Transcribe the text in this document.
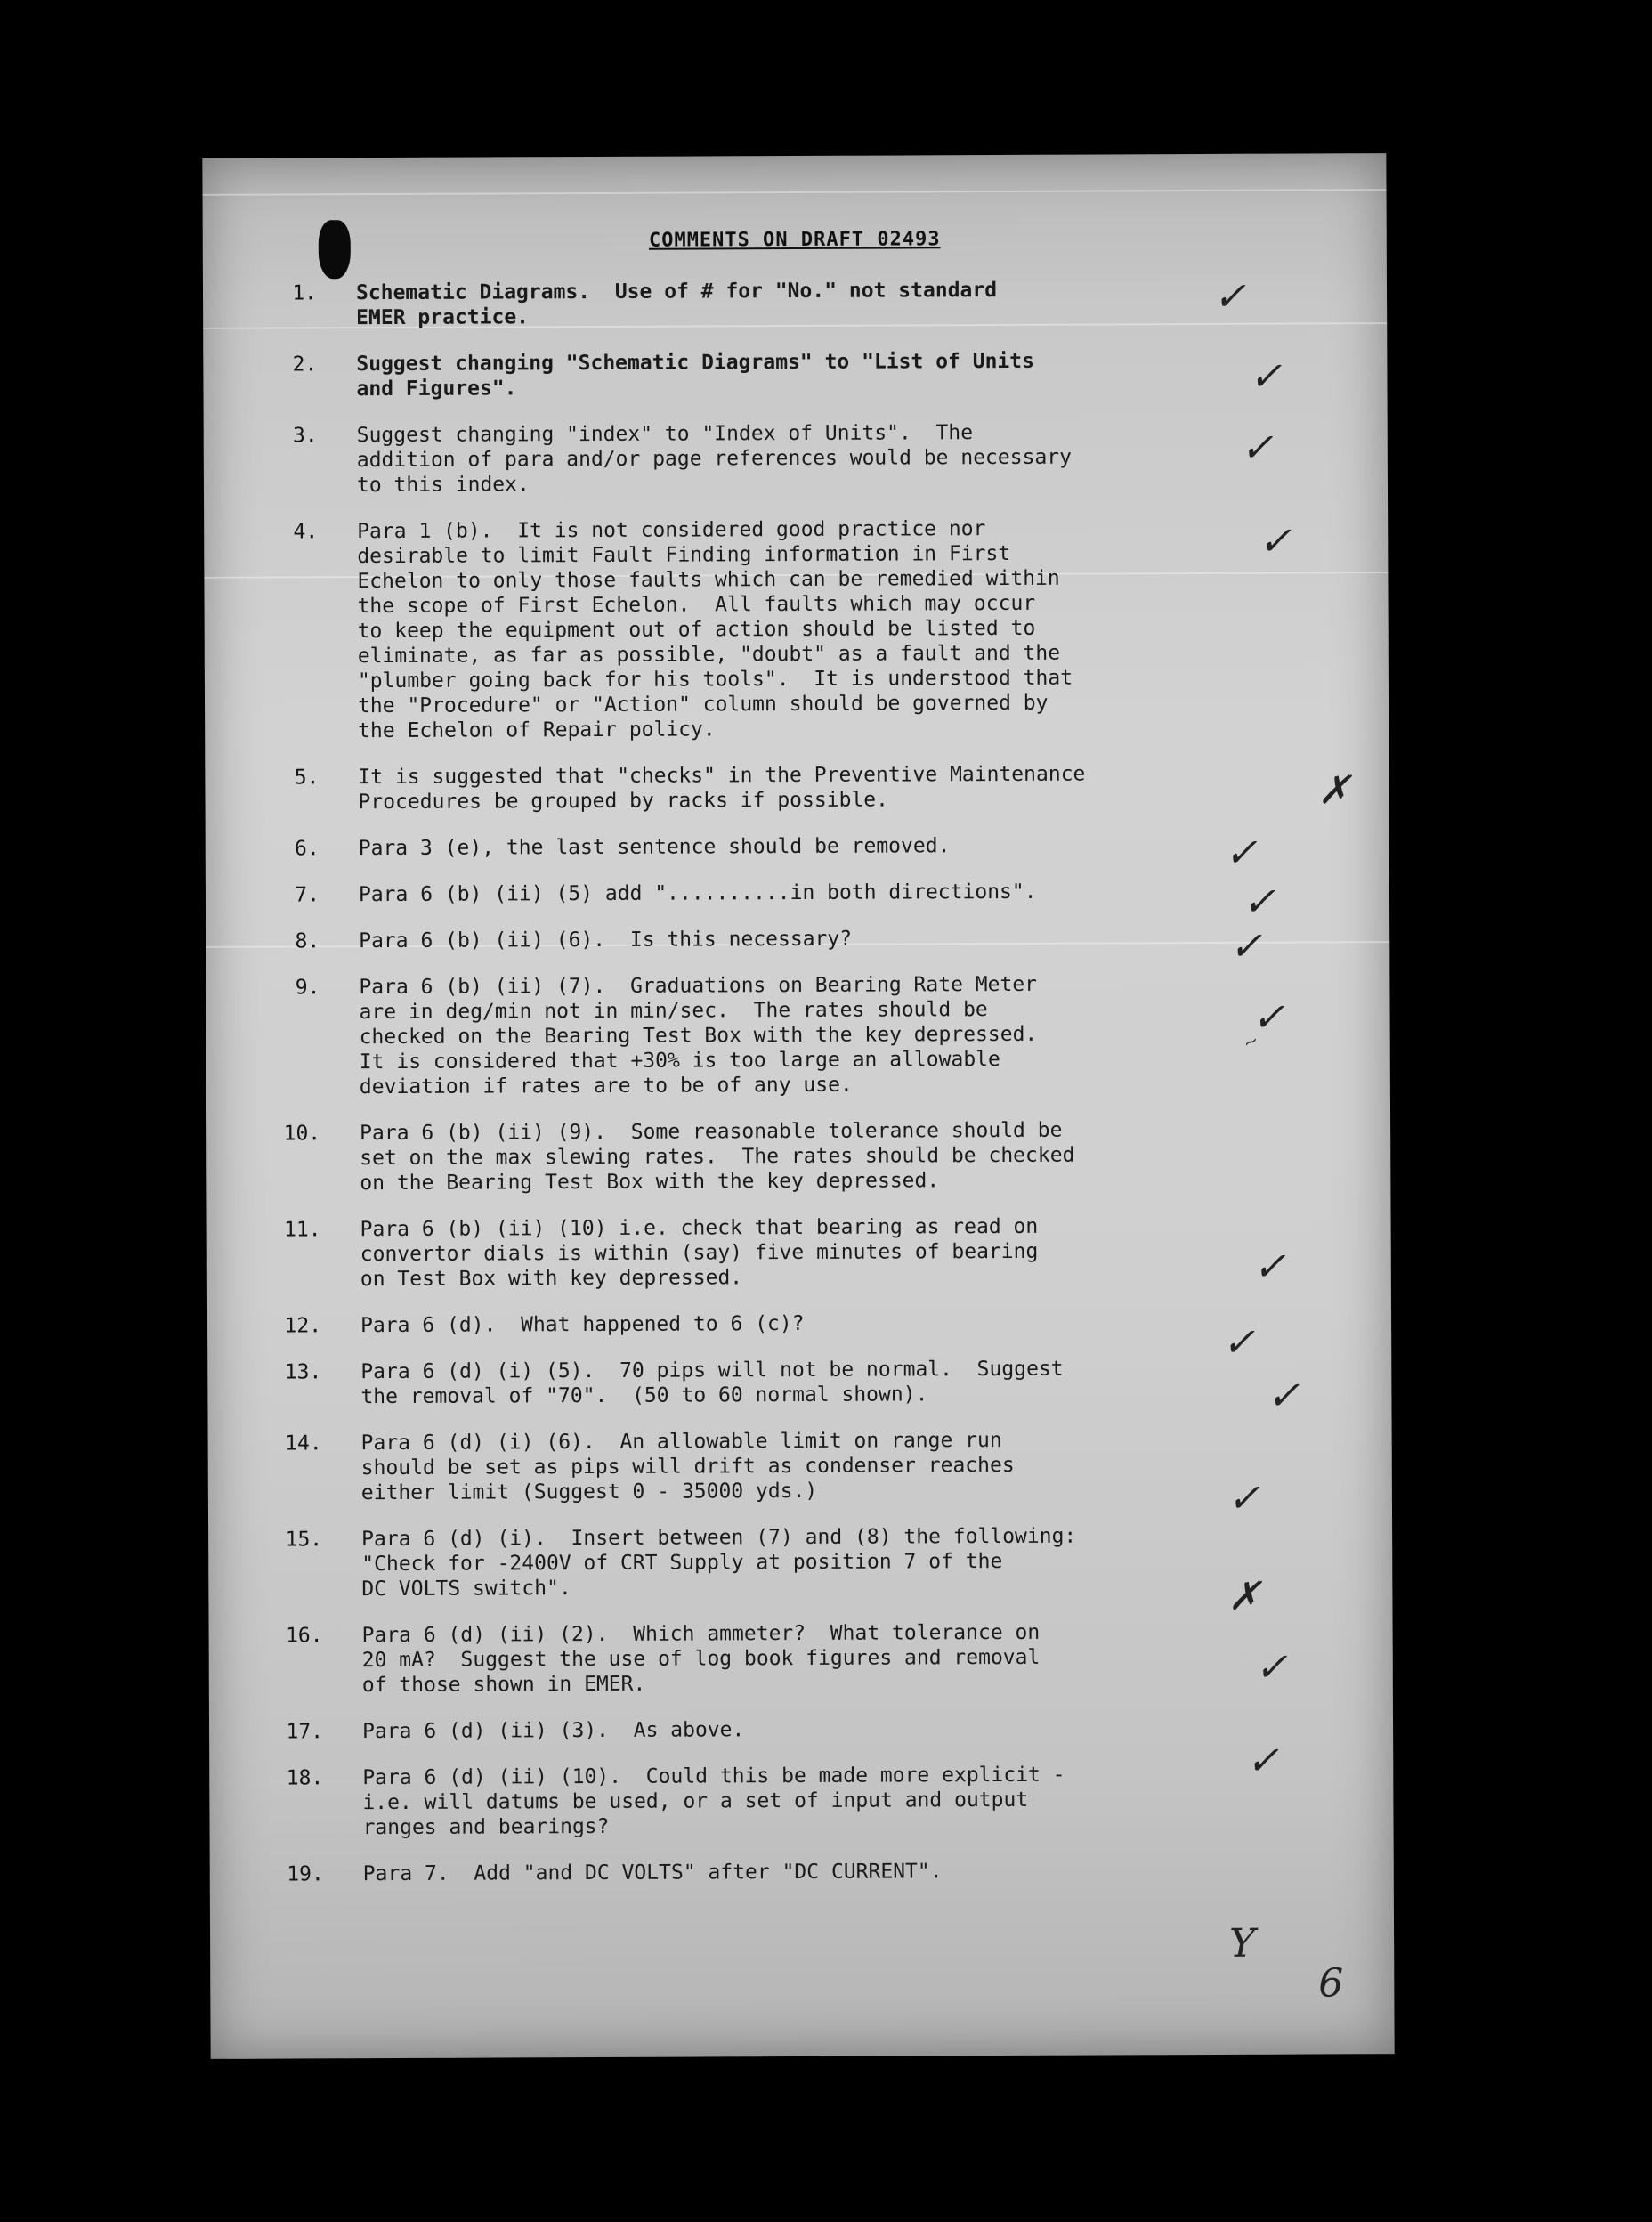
COMMENTS ON DRAFT 02493
1.	Schematic Diagrams.  Use of # for "No." not standard
EMER practice.
2.	Suggest changing "Schematic Diagrams" to "List of Units
and Figures".
3.	Suggest changing "index" to "Index of Units".  The
addition of para and/or page references would be necessary
to this index.
4.	Para 1 (b).  It is not considered good practice nor
desirable to limit Fault Finding information in First
Echelon to only those faults which can be remedied within
the scope of First Echelon.  All faults which may occur
to keep the equipment out of action should be listed to
eliminate, as far as possible, "doubt" as a fault and the
"plumber going back for his tools".  It is understood that
the "Procedure" or "Action" column should be governed by
the Echelon of Repair policy.
5.	It is suggested that "checks" in the Preventive Maintenance
Procedures be grouped by racks if possible.
6.	Para 3 (e), the last sentence should be removed.
7.	Para 6 (b) (ii) (5) add "..........in both directions".
8.	Para 6 (b) (ii) (6).  Is this necessary?
9.	Para 6 (b) (ii) (7).  Graduations on Bearing Rate Meter
are in deg/min not in min/sec.  The rates should be
checked on the Bearing Test Box with the key depressed.
It is considered that +30% is too large an allowable
deviation if rates are to be of any use.
10.	Para 6 (b) (ii) (9).  Some reasonable tolerance should be
set on the max slewing rates.  The rates should be checked
on the Bearing Test Box with the key depressed.
11.	Para 6 (b) (ii) (10) i.e. check that bearing as read on
convertor dials is within (say) five minutes of bearing
on Test Box with key depressed.
12.	Para 6 (d).  What happened to 6 (c)?
13.	Para 6 (d) (i) (5).  70 pips will not be normal.  Suggest
the removal of "70".  (50 to 60 normal shown).
14.	Para 6 (d) (i) (6).  An allowable limit on range run
should be set as pips will drift as condenser reaches
either limit (Suggest 0 - 35000 yds.)
15.	Para 6 (d) (i).  Insert between (7) and (8) the following:
"Check for -2400V of CRT Supply at position 7 of the
DC VOLTS switch".
16.	Para 6 (d) (ii) (2).  Which ammeter?  What tolerance on
20 mA?  Suggest the use of log book figures and removal
of those shown in EMER.
17.	Para 6 (d) (ii) (3).  As above.
18.	Para 6 (d) (ii) (10).  Could this be made more explicit -
i.e. will datums be used, or a set of input and output
ranges and bearings?
19.	Para 7.  Add "and DC VOLTS" after "DC CURRENT".
✓
✓
✓
✓
✗
✓
✓
✓
✓
∼
✓
✓
✓
✓
✗
✓
✓
Y
6
